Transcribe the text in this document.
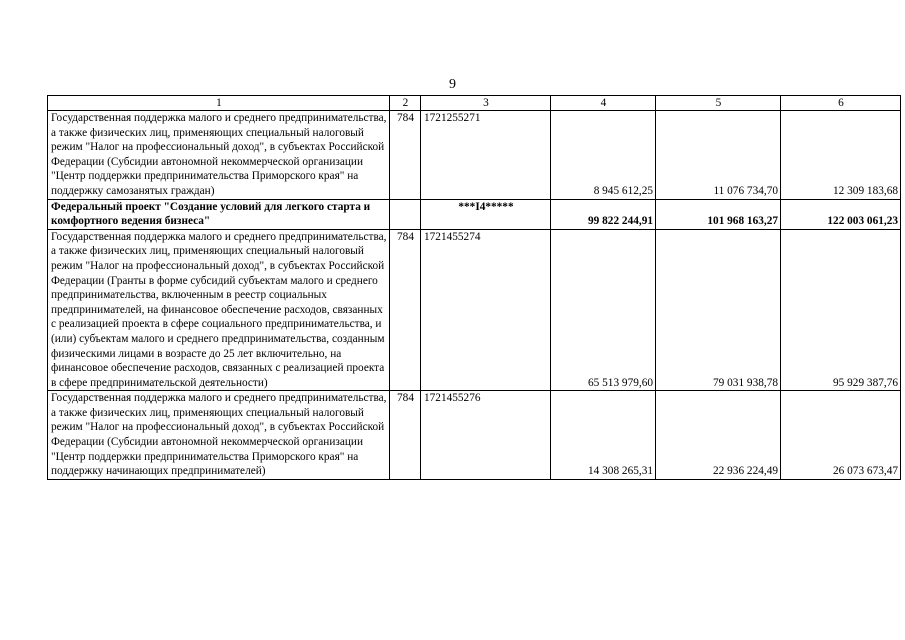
9
1	2	3	4	5	6
Государственная поддержка малого и среднего предпринимательства, а также физических лиц, применяющих специальный налоговый режим "Налог на профессиональный доход", в субъектах Российской Федерации (Субсидии автономной некоммерческой организации "Центр поддержки предпринимательства Приморского края" на поддержку самозанятых граждан)	784	1721255271	8 945 612,25	11 076 734,70	12 309 183,68
Федеральный проект "Создание условий для легкого старта и комфортного ведения бизнеса"		***I4*****	99 822 244,91	101 968 163,27	122 003 061,23
Государственная поддержка малого и среднего предпринимательства, а также физических лиц, применяющих специальный налоговый режим "Налог на профессиональный доход", в субъектах Российской Федерации (Гранты в форме субсидий субъектам малого и среднего предпринимательства, включенным в реестр социальных предпринимателей, на финансовое обеспечение расходов, связанных с реализацией проекта в сфере социального предпринимательства, и (или) субъектам малого и среднего предпринимательства, созданным физическими лицами в возрасте до 25 лет включительно, на финансовое обеспечение расходов, связанных с реализацией проекта в сфере предпринимательской деятельности)	784	1721455274	65 513 979,60	79 031 938,78	95 929 387,76
Государственная поддержка малого и среднего предпринимательства, а также физических лиц, применяющих специальный налоговый режим "Налог на профессиональный доход", в субъектах Российской Федерации (Субсидии автономной некоммерческой организации "Центр поддержки предпринимательства Приморского края" на поддержку начинающих предпринимателей)	784	1721455276	14 308 265,31	22 936 224,49	26 073 673,47
